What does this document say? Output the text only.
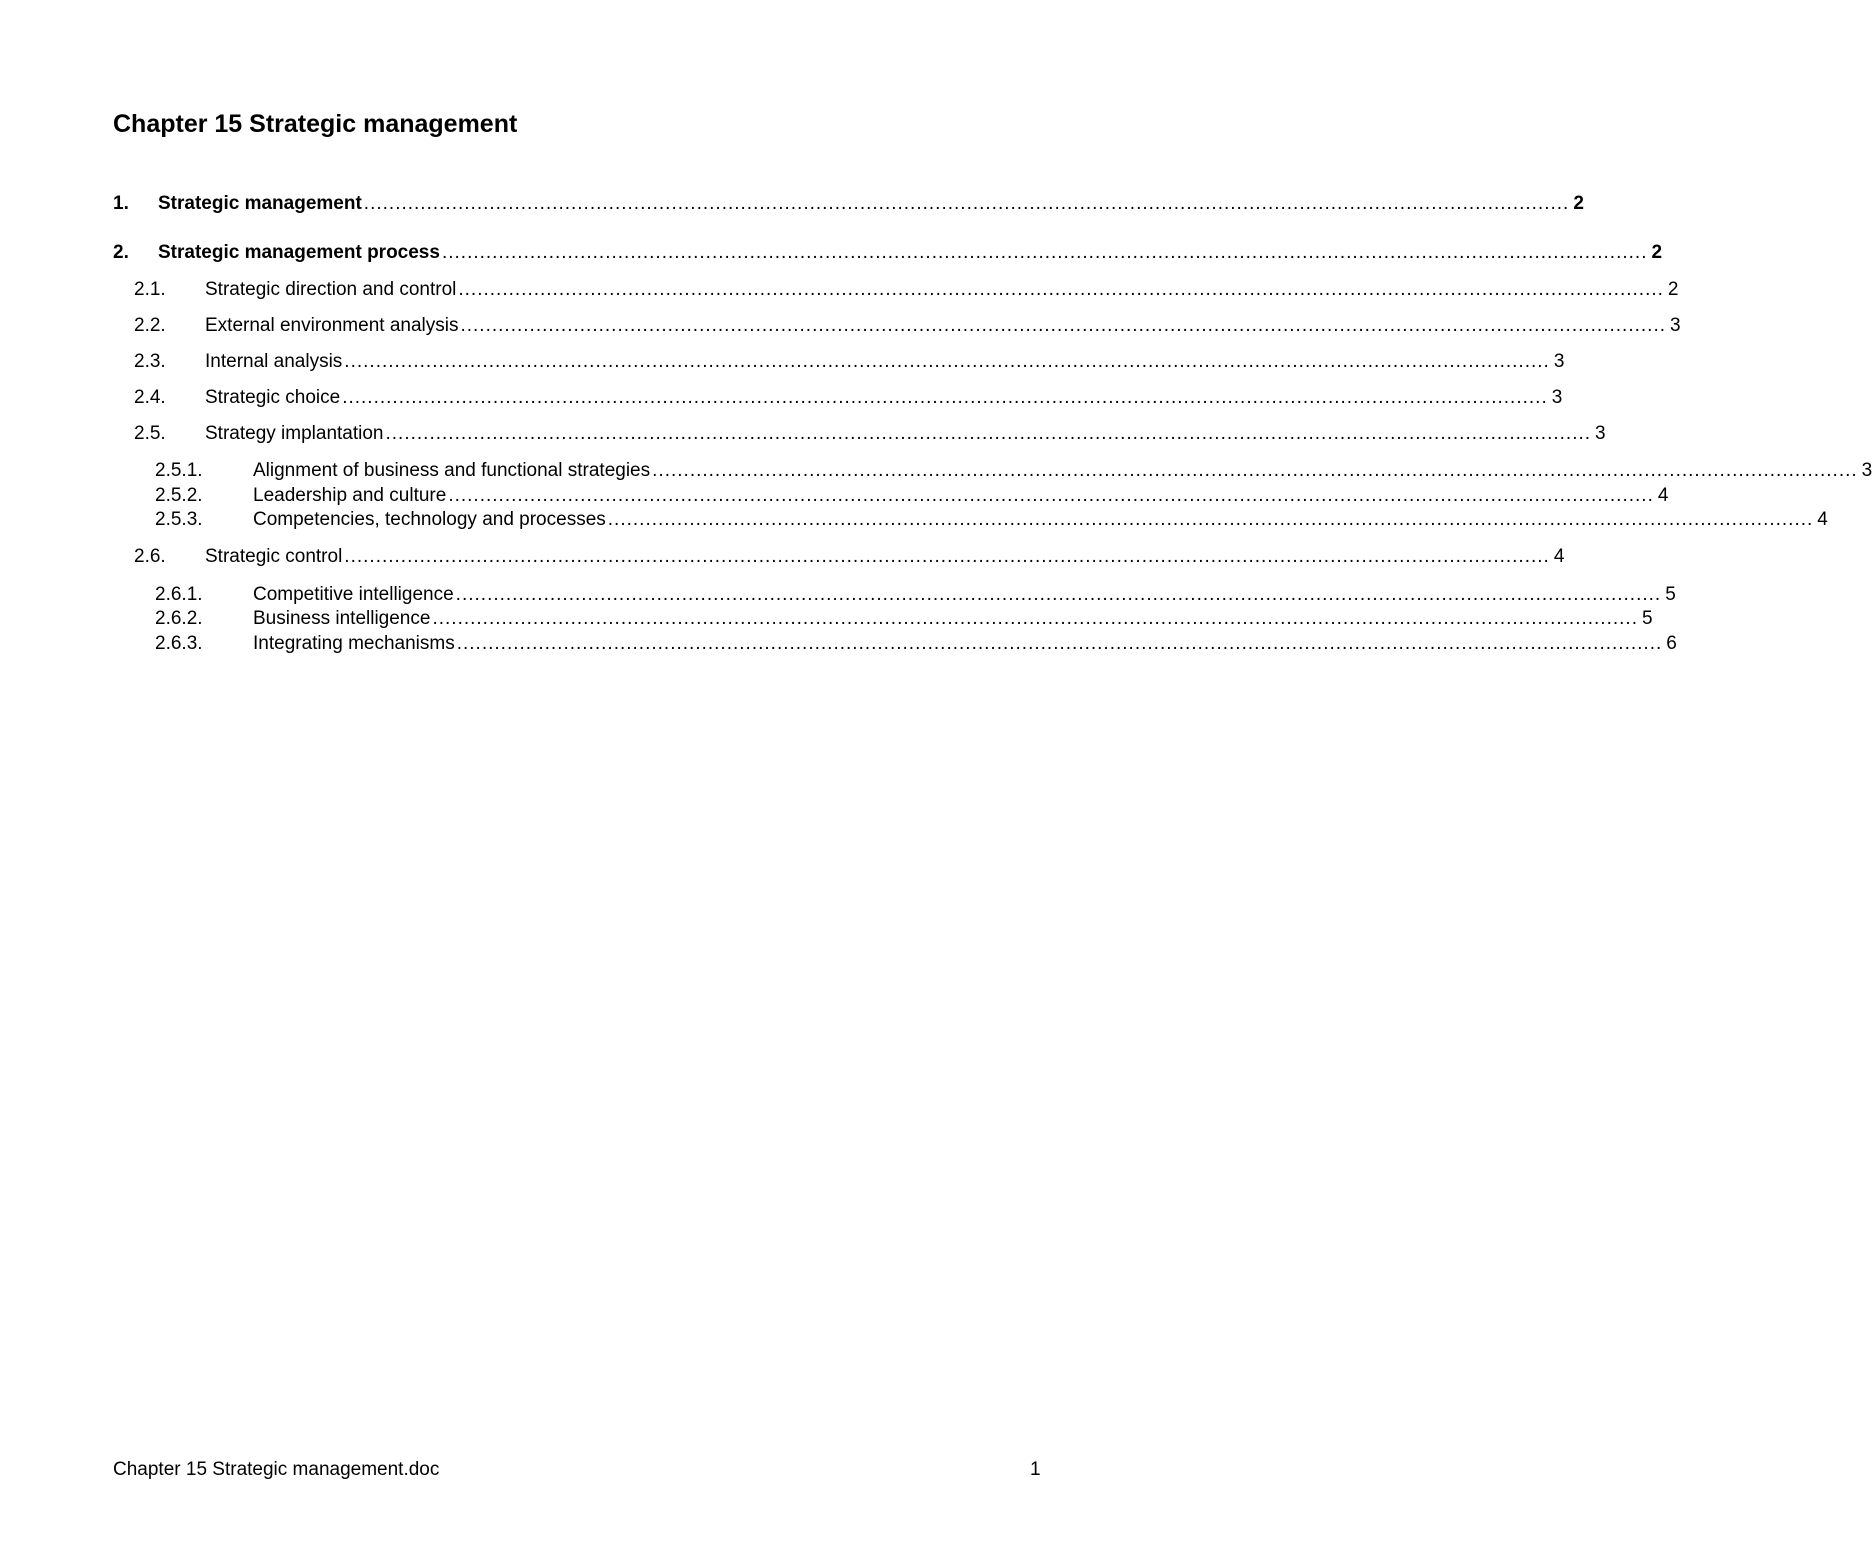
Chapter 15 Strategic management
1. Strategic management ................................................................................................................................................................................................ 2
2. Strategic management process ................................................................................................................................................................................................ 2
2.1. Strategic direction and control ................................................................................................................................................................................................ 2
2.2. External environment analysis ................................................................................................................................................................................................ 3
2.3. Internal analysis ................................................................................................................................................................................................ 3
2.4. Strategic choice ................................................................................................................................................................................................ 3
2.5. Strategy implantation ................................................................................................................................................................................................ 3
2.5.1.	Alignment of business and functional strategies ................................................................................................................................................................................................ 3
2.5.2.	Leadership and culture ................................................................................................................................................................................................ 4
2.5.3.	Competencies, technology and processes ................................................................................................................................................................................................ 4
2.6. Strategic control ................................................................................................................................................................................................ 4
2.6.1.	Competitive intelligence ................................................................................................................................................................................................ 5
2.6.2.	Business intelligence ................................................................................................................................................................................................ 5
2.6.3.	Integrating mechanisms ................................................................................................................................................................................................ 6
Chapter 15 Strategic management.doc	1
